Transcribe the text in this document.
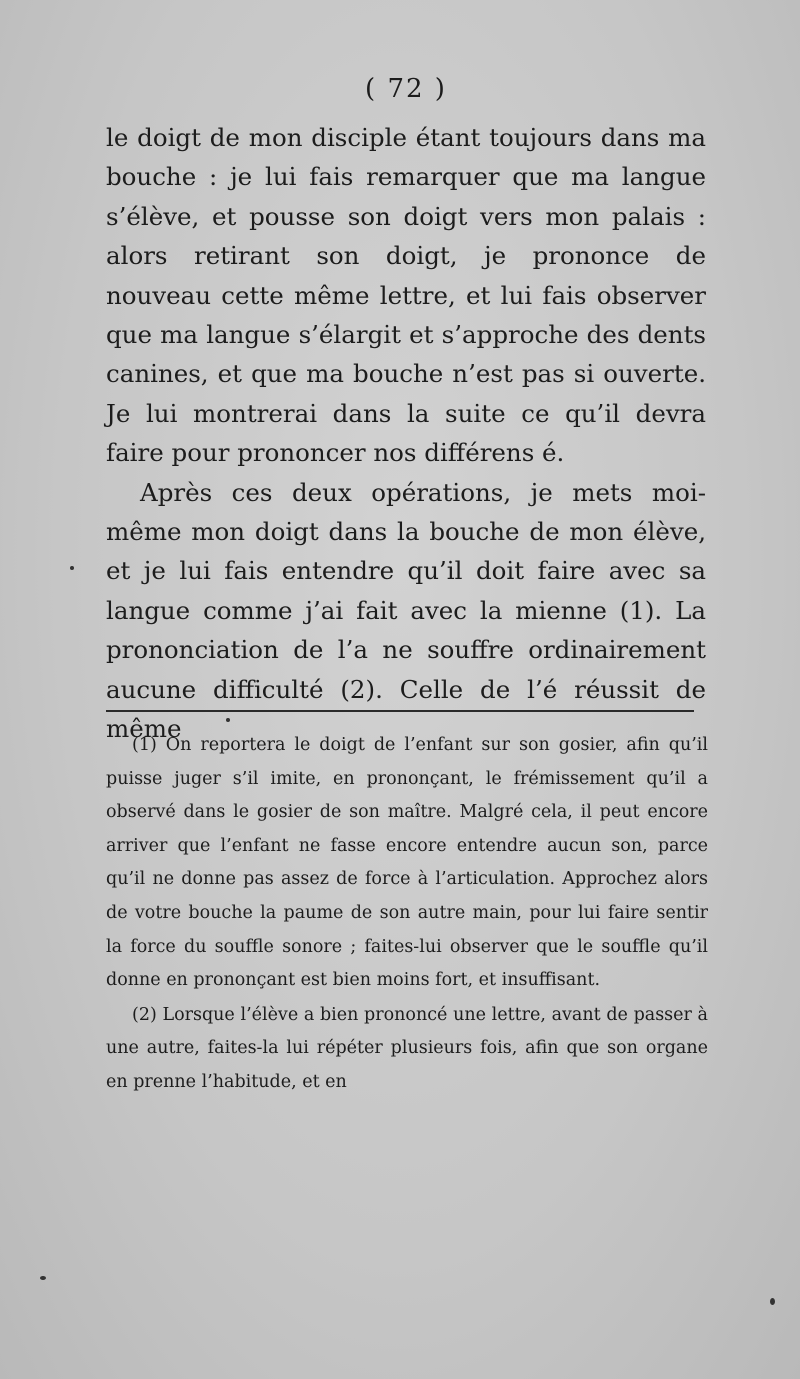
( 72 )

le doigt de mon disciple étant toujours dans ma bouche : je lui fais remarquer que ma langue s’élève, et pousse son doigt vers mon palais : alors retirant son doigt, je prononce de nouveau cette même lettre, et lui fais observer que ma langue s’élargit et s’approche des dents canines, et que ma bouche n’est pas si ouverte. Je lui montrerai dans la suite ce qu’il devra faire pour prononcer nos différens é.

Après ces deux opérations, je mets moi-même mon doigt dans la bouche de mon élève, et je lui fais entendre qu’il doit faire avec sa langue comme j’ai fait avec la mienne (1). La prononciation de l’a ne souffre ordinairement aucune difficulté (2). Celle de l’é réussit de même

(1) On reportera le doigt de l’enfant sur son gosier, afin qu’il puisse juger s’il imite, en prononçant, le frémissement qu’il a observé dans le gosier de son maître. Malgré cela, il peut encore arriver que l’enfant ne fasse encore entendre aucun son, parce qu’il ne donne pas assez de force à l’articulation. Approchez alors de votre bouche la paume de son autre main, pour lui faire sentir la force du souffle sonore ; faites-lui observer que le souffle qu’il donne en prononçant est bien moins fort, et insuffisant.

(2) Lorsque l’élève a bien prononcé une lettre, avant de passer à une autre, faites-la lui répéter plusieurs fois, afin que son organe en prenne l’habitude, et en
